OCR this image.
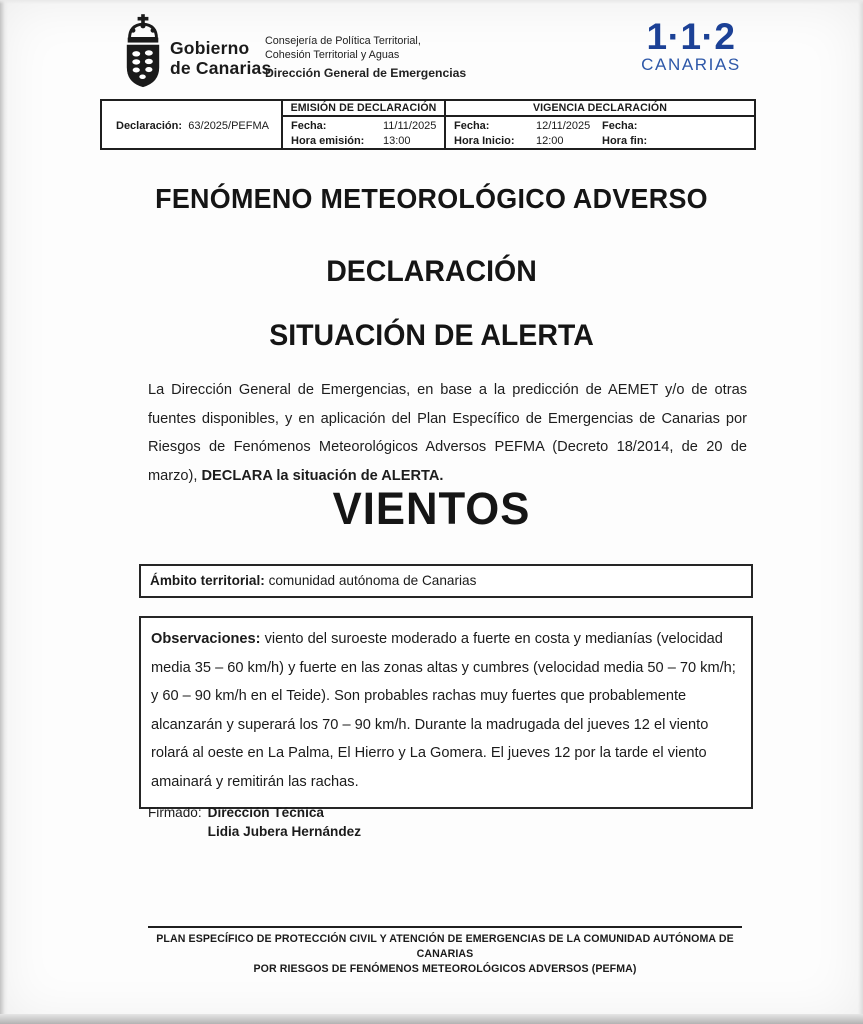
Gobierno
de Canarias
Consejería de Política Territorial,
Cohesión Territorial y Aguas
Dirección General de Emergencias
1·1·2
CANARIAS
Declaración: 63/2025/PEFMA
EMISIÓN DE DECLARACIÓN
Fecha:	11/11/2025
Hora emisión:	13:00
VIGENCIA DECLARACIÓN
Fecha:	12/11/2025
Hora Inicio:	12:00
Fecha:
Hora fin:
FENÓMENO METEOROLÓGICO ADVERSO
DECLARACIÓN
SITUACIÓN DE ALERTA

La Dirección General de Emergencias, en base a la predicción de AEMET y/o de otras fuentes disponibles, y en aplicación del Plan Específico de Emergencias de Canarias por Riesgos de Fenómenos Meteorológicos Adversos PEFMA (Decreto 18/2014, de 20 de marzo), DECLARA la situación de ALERTA.

VIENTOS
Ámbito territorial: comunidad autónoma de Canarias
Observaciones: viento del suroeste moderado a fuerte en costa y medianías (velocidad media 35 – 60 km/h) y fuerte en las zonas altas y cumbres (velocidad media 50 – 70 km/h; y 60 – 90 km/h en el Teide). Son probables rachas muy fuertes que probablemente alcanzarán y superará los 70 – 90 km/h. Durante la madrugada del jueves 12 el viento rolará al oeste en La Palma, El Hierro y La Gomera. El jueves 12 por la tarde el viento amainará y remitirán las rachas.
Firmado: Dirección Técnica
Lidia Jubera Hernández
PLAN ESPECÍFICO DE PROTECCIÓN CIVIL Y ATENCIÓN DE EMERGENCIAS DE LA COMUNIDAD AUTÓNOMA DE CANARIAS
POR RIESGOS DE FENÓMENOS METEOROLÓGICOS ADVERSOS (PEFMA)
